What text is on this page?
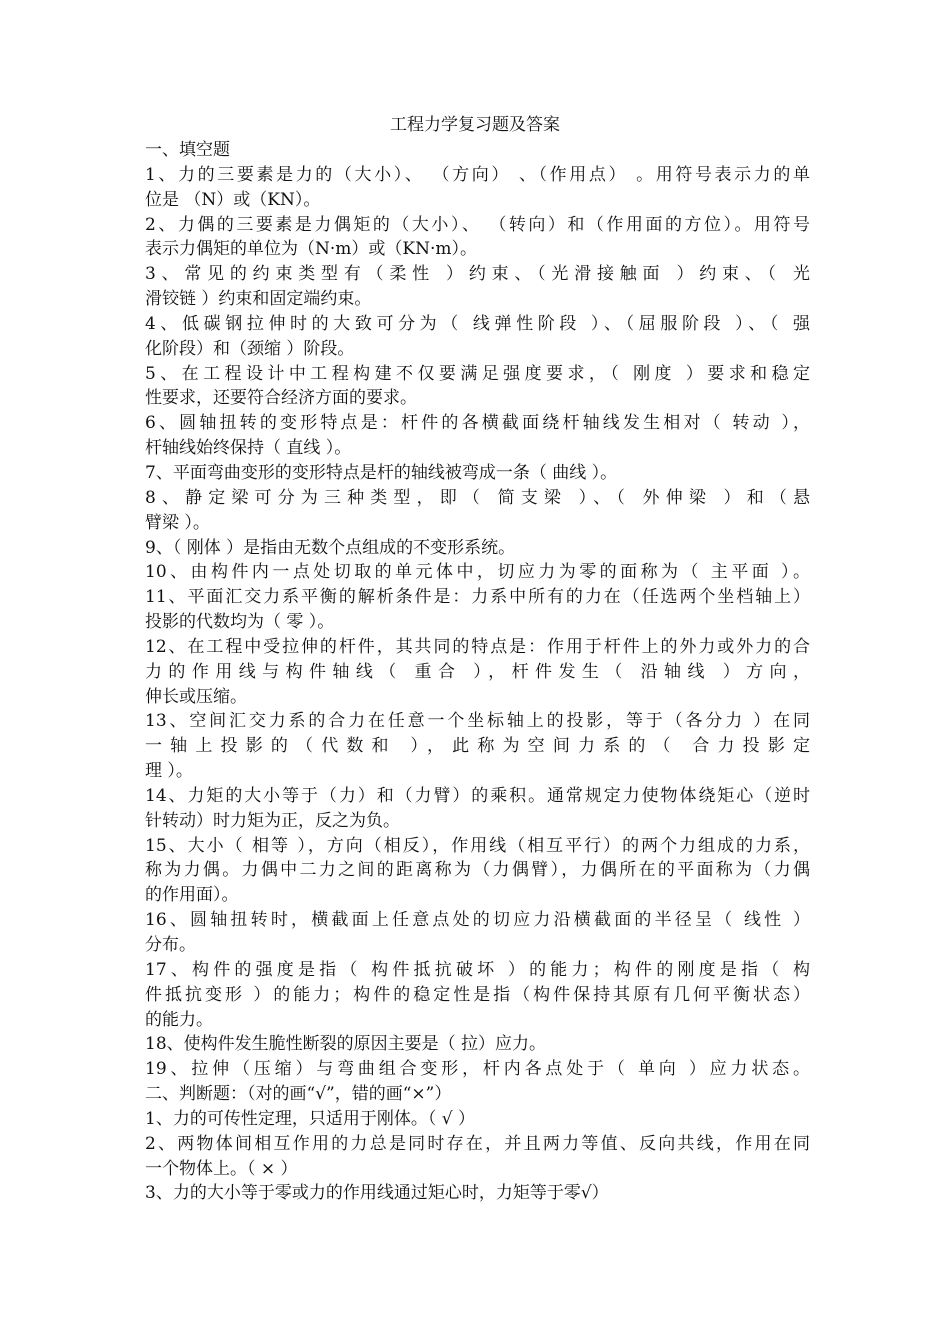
工程力学复习题及答案
一、填空题
1、力的三要素是力的（大小）、 （方向） 、（作用点） 。用符号表示力的单
位是 （N）或（KN）。
2、力偶的三要素是力偶矩的（大小）、 （转向）和（作用面的方位）。用符号
表示力偶矩的单位为（N·m）或（KN·m）。
3、常见的约束类型有（柔性 ）约束、（光滑接触面 ）约束、（ 光
滑铰链 ）约束和固定端约束。
4、低碳钢拉伸时的大致可分为（ 线弹性阶段 ）、（屈服阶段 ）、（ 强
化阶段）和（颈缩 ）阶段。
5、在工程设计中工程构建不仅要满足强度要求，（ 刚度 ）要求和稳定
性要求，还要符合经济方面的要求。
6、圆轴扭转的变形特点是：杆件的各横截面绕杆轴线发生相对（ 转动 ），
杆轴线始终保持（ 直线 ）。
7、平面弯曲变形的变形特点是杆的轴线被弯成一条（ 曲线 ）。
8、静定梁可分为三种类型，即（ 简支梁 ）、（ 外伸梁 ）和（悬
臂梁 ）。
9、（ 刚体 ）是指由无数个点组成的不变形系统。
10、由构件内一点处切取的单元体中，切应力为零的面称为（ 主平面 ）。
11、平面汇交力系平衡的解析条件是：力系中所有的力在（任选两个坐档轴上）
投影的代数均为（ 零 ）。
12、在工程中受拉伸的杆件，其共同的特点是：作用于杆件上的外力或外力的合
力的作用线与构件轴线（ 重合 ），杆件发生（ 沿轴线 ）方向，
伸长或压缩。
13、空间汇交力系的合力在任意一个坐标轴上的投影，等于（各分力 ）在同
一轴上投影的（代数和 ），此称为空间力系的（ 合力投影定
理 ）。
14、力矩的大小等于（力）和（力臂）的乘积。通常规定力使物体绕矩心（逆时
针转动）时力矩为正，反之为负。
15、大小（ 相等 ），方向（相反），作用线（相互平行）的两个力组成的力系，
称为力偶。力偶中二力之间的距离称为（力偶臂），力偶所在的平面称为（力偶
的作用面）。
16、圆轴扭转时，横截面上任意点处的切应力沿横截面的半径呈（ 线性 ）
分布。
17、构件的强度是指（ 构件抵抗破坏 ）的能力；构件的刚度是指（ 构
件抵抗变形 ）的能力；构件的稳定性是指（构件保持其原有几何平衡状态）
的能力。
18、使构件发生脆性断裂的原因主要是（ 拉）应力。
19、拉伸（压缩）与弯曲组合变形，杆内各点处于（ 单向 ）应力状态。
二、判断题：（对的画“√”，错的画“×”）
1、力的可传性定理，只适用于刚体。（ √ ）
2、两物体间相互作用的力总是同时存在，并且两力等值、反向共线，作用在同
一个物体上。（ × ）
3、力的大小等于零或力的作用线通过矩心时，力矩等于零√）
